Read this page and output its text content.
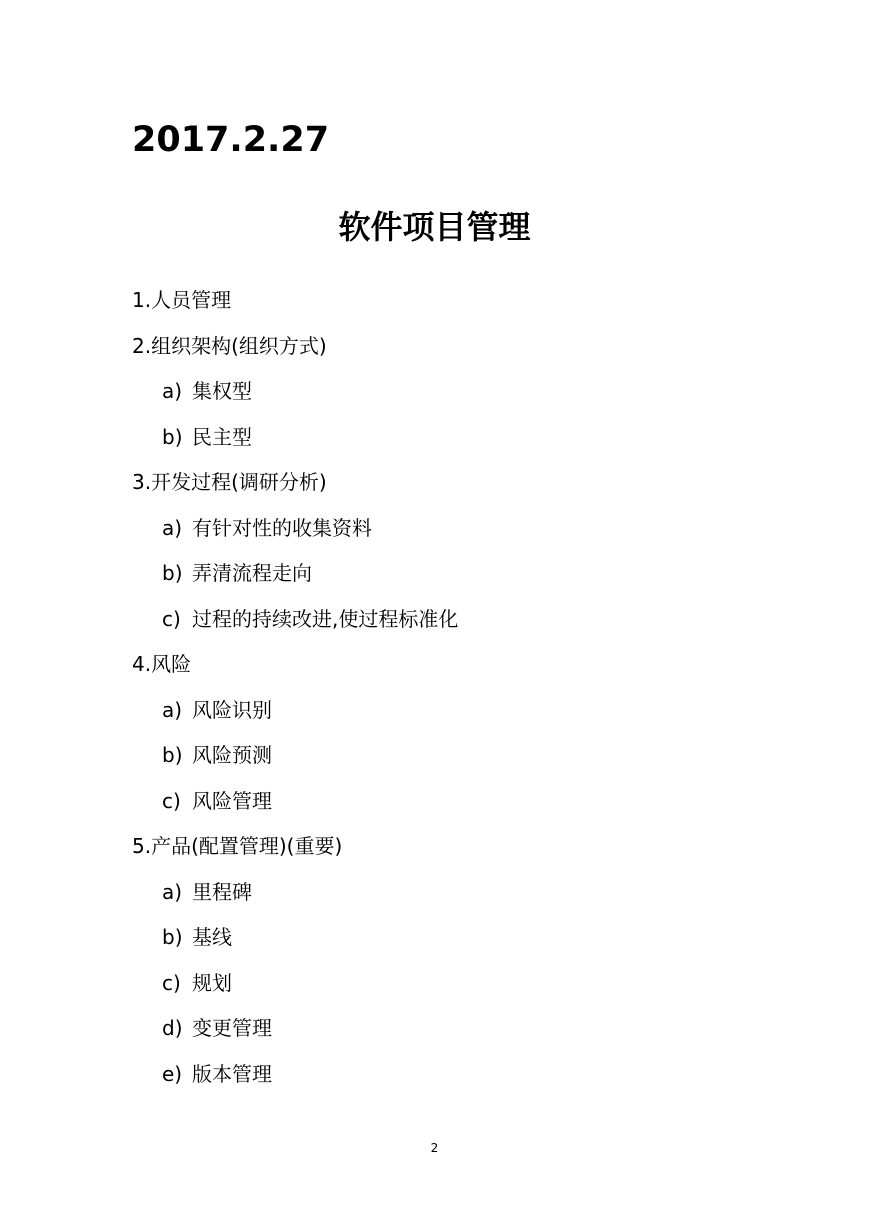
2017.2.27
软件项目管理
1.人员管理
2.组织架构(组织方式)
a) 集权型
b) 民主型
3.开发过程(调研分析)
a) 有针对性的收集资料
b) 弄清流程走向
c) 过程的持续改进,使过程标准化
4.风险
a) 风险识别
b) 风险预测
c) 风险管理
5.产品(配置管理)(重要)
a) 里程碑
b) 基线
c) 规划
d) 变更管理
e) 版本管理
2
